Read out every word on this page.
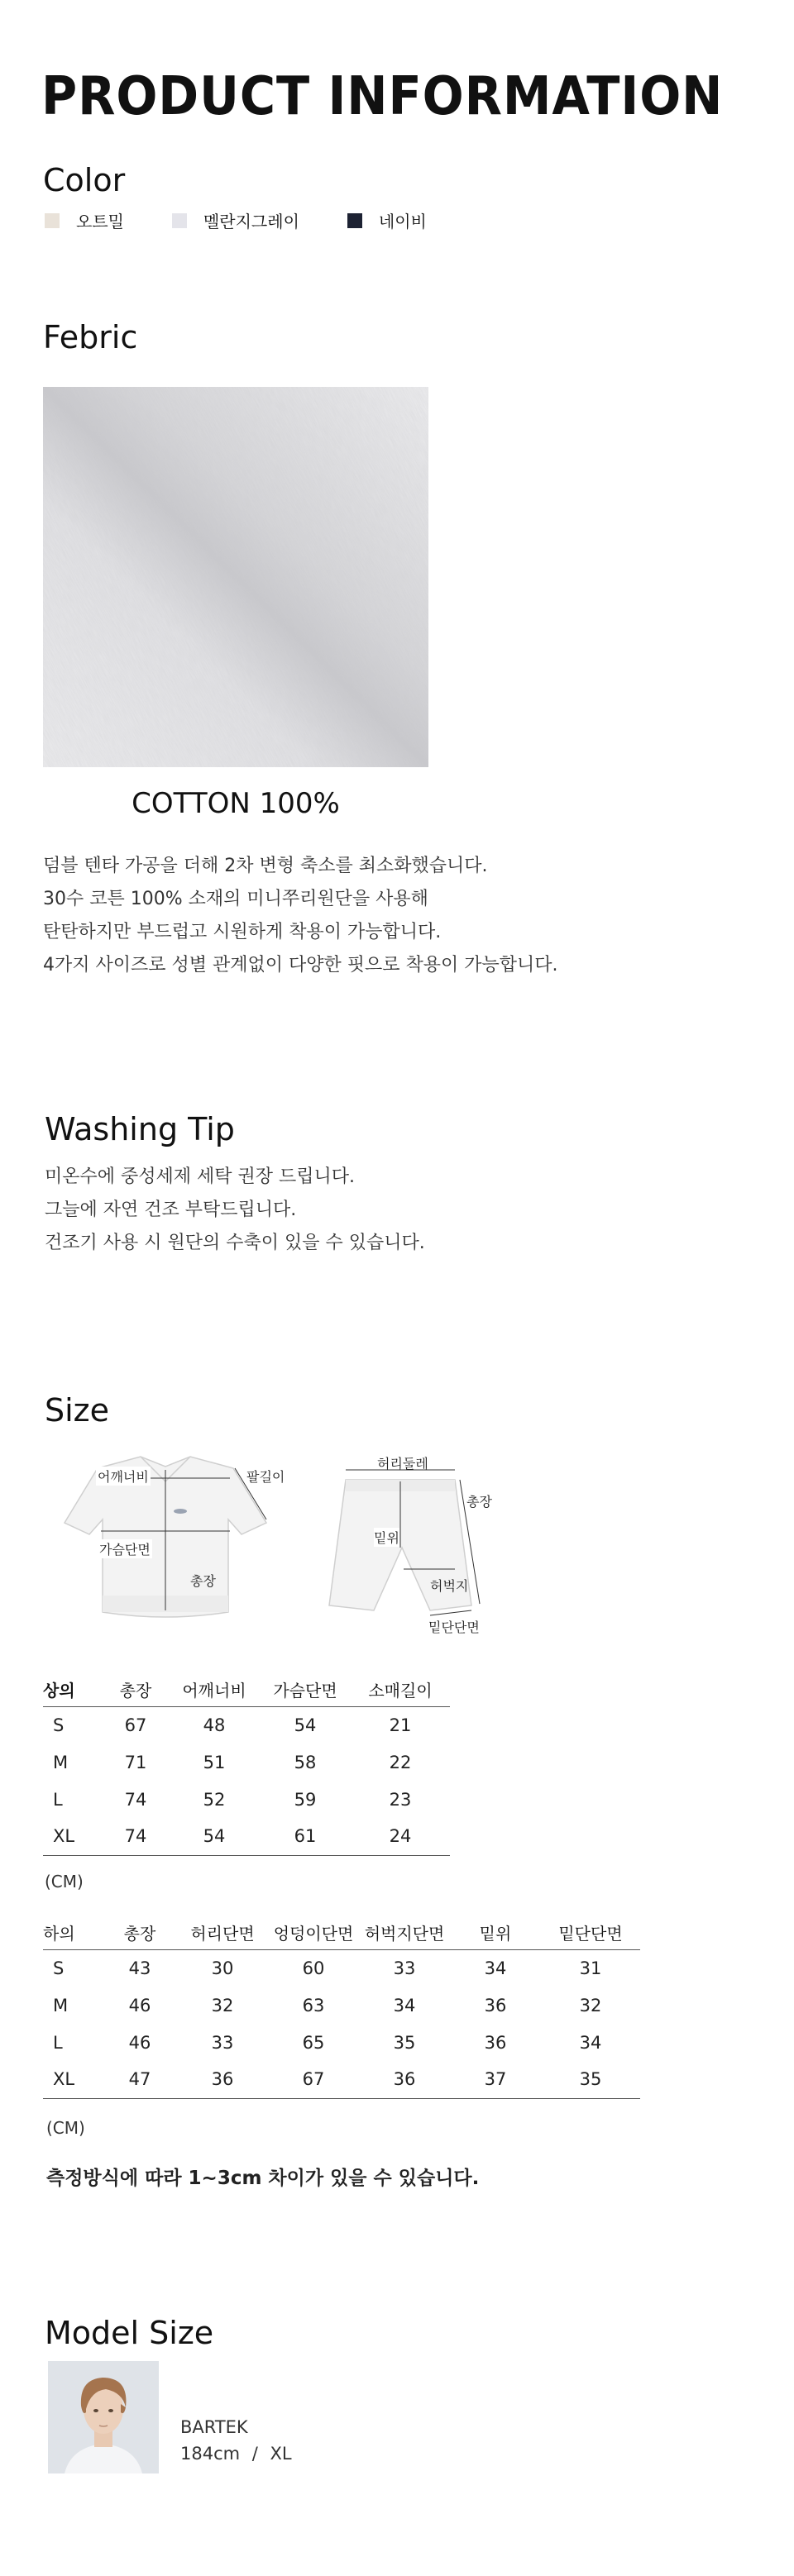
PRODUCT INFORMATION
Color
오트밀	멜란지그레이	네이비
Febric
COTTON 100%
덤블 텐타 가공을 더해 2차 변형 축소를 최소화했습니다.
30수 코튼 100% 소재의 미니쭈리원단을 사용해
탄탄하지만 부드럽고 시원하게 착용이 가능합니다.
4가지 사이즈로 성별 관계없이 다양한 핏으로 착용이 가능합니다.
Washing Tip
미온수에 중성세제 세탁 권장 드립니다.
그늘에 자연 건조 부탁드립니다.
건조기 사용 시 원단의 수축이 있을 수 있습니다.
Size
어깨너비	팔길이
가슴단면
총장
허리둘레
총장
밑위
허벅지
밑단단면
상의	총장	어깨너비	가슴단면	소매길이
S	67	48	54	21
M	71	51	58	22
L	74	52	59	23
XL	74	54	61	24
(CM)
하의	총장	허리단면	엉덩이단면	허벅지단면	밑위	밑단단면
S	43	30	60	33	34	31
M	46	32	63	34	36	32
L	46	33	65	35	36	34
XL	47	36	67	36	37	35
(CM)
측정방식에 따라 1~3cm 차이가 있을 수 있습니다.
Model Size
BARTEK
184cm / XL
